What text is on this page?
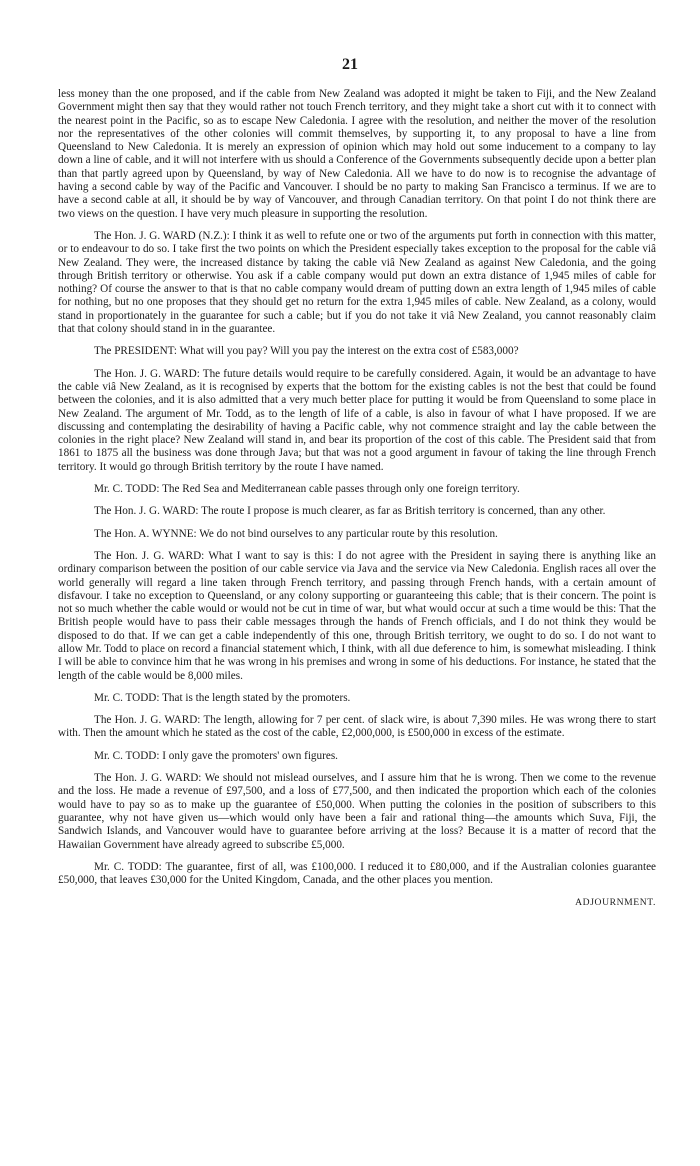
21

less money than the one proposed, and if the cable from New Zealand was adopted it might be taken to Fiji, and the New Zealand Government might then say that they would rather not touch French territory, and they might take a short cut with it to connect with the nearest point in the Pacific, so as to escape New Caledonia. I agree with the resolution, and neither the mover of the resolution nor the representatives of the other colonies will commit themselves, by supporting it, to any proposal to have a line from Queensland to New Caledonia. It is merely an expression of opinion which may hold out some inducement to a company to lay down a line of cable, and it will not interfere with us should a Conference of the Governments subsequently decide upon a better plan than that partly agreed upon by Queensland, by way of New Caledonia. All we have to do now is to recognise the advantage of having a second cable by way of the Pacific and Vancouver. I should be no party to making San Francisco a terminus. If we are to have a second cable at all, it should be by way of Vancouver, and through Canadian territory. On that point I do not think there are two views on the question. I have very much pleasure in supporting the resolution.

The Hon. J. G. WARD (N.Z.): I think it as well to refute one or two of the arguments put forth in connection with this matter, or to endeavour to do so. I take first the two points on which the President especially takes exception to the proposal for the cable viâ New Zealand. They were, the increased distance by taking the cable viâ New Zealand as against New Caledonia, and the going through British territory or otherwise. You ask if a cable company would put down an extra distance of 1,945 miles of cable for nothing? Of course the answer to that is that no cable company would dream of putting down an extra length of 1,945 miles of cable for nothing, but no one proposes that they should get no return for the extra 1,945 miles of cable. New Zealand, as a colony, would stand in proportionately in the guarantee for such a cable; but if you do not take it viâ New Zealand, you cannot reasonably claim that that colony should stand in in the guarantee.

The PRESIDENT: What will you pay? Will you pay the interest on the extra cost of £583,000?

The Hon. J. G. WARD: The future details would require to be carefully considered. Again, it would be an advantage to have the cable viâ New Zealand, as it is recognised by experts that the bottom for the existing cables is not the best that could be found between the colonies, and it is also admitted that a very much better place for putting it would be from Queensland to some place in New Zealand. The argument of Mr. Todd, as to the length of life of a cable, is also in favour of what I have proposed. If we are discussing and contemplating the desirability of having a Pacific cable, why not commence straight and lay the cable between the colonies in the right place? New Zealand will stand in, and bear its proportion of the cost of this cable. The President said that from 1861 to 1875 all the business was done through Java; but that was not a good argument in favour of taking the line through French territory. It would go through British territory by the route I have named.

Mr. C. TODD: The Red Sea and Mediterranean cable passes through only one foreign territory.

The Hon. J. G. WARD: The route I propose is much clearer, as far as British territory is concerned, than any other.

The Hon. A. WYNNE: We do not bind ourselves to any particular route by this resolution.

The Hon. J. G. WARD: What I want to say is this: I do not agree with the President in saying there is anything like an ordinary comparison between the position of our cable service via Java and the service via New Caledonia. English races all over the world generally will regard a line taken through French territory, and passing through French hands, with a certain amount of disfavour. I take no exception to Queensland, or any colony supporting or guaranteeing this cable; that is their concern. The point is not so much whether the cable would or would not be cut in time of war, but what would occur at such a time would be this: That the British people would have to pass their cable messages through the hands of French officials, and I do not think they would be disposed to do that. If we can get a cable independently of this one, through British territory, we ought to do so. I do not want to allow Mr. Todd to place on record a financial statement which, I think, with all due deference to him, is somewhat misleading. I think I will be able to convince him that he was wrong in his premises and wrong in some of his deductions. For instance, he stated that the length of the cable would be 8,000 miles.

Mr. C. TODD: That is the length stated by the promoters.

The Hon. J. G. WARD: The length, allowing for 7 per cent. of slack wire, is about 7,390 miles. He was wrong there to start with. Then the amount which he stated as the cost of the cable, £2,000,000, is £500,000 in excess of the estimate.

Mr. C. TODD: I only gave the promoters' own figures.

The Hon. J. G. WARD: We should not mislead ourselves, and I assure him that he is wrong. Then we come to the revenue and the loss. He made a revenue of £97,500, and a loss of £77,500, and then indicated the proportion which each of the colonies would have to pay so as to make up the guarantee of £50,000. When putting the colonies in the position of subscribers to this guarantee, why not have given us—which would only have been a fair and rational thing—the amounts which Suva, Fiji, the Sandwich Islands, and Vancouver would have to guarantee before arriving at the loss? Because it is a matter of record that the Hawaiian Government have already agreed to subscribe £5,000.

Mr. C. TODD: The guarantee, first of all, was £100,000. I reduced it to £80,000, and if the Australian colonies guarantee £50,000, that leaves £30,000 for the United Kingdom, Canada, and the other places you mention.

ADJOURNMENT.
